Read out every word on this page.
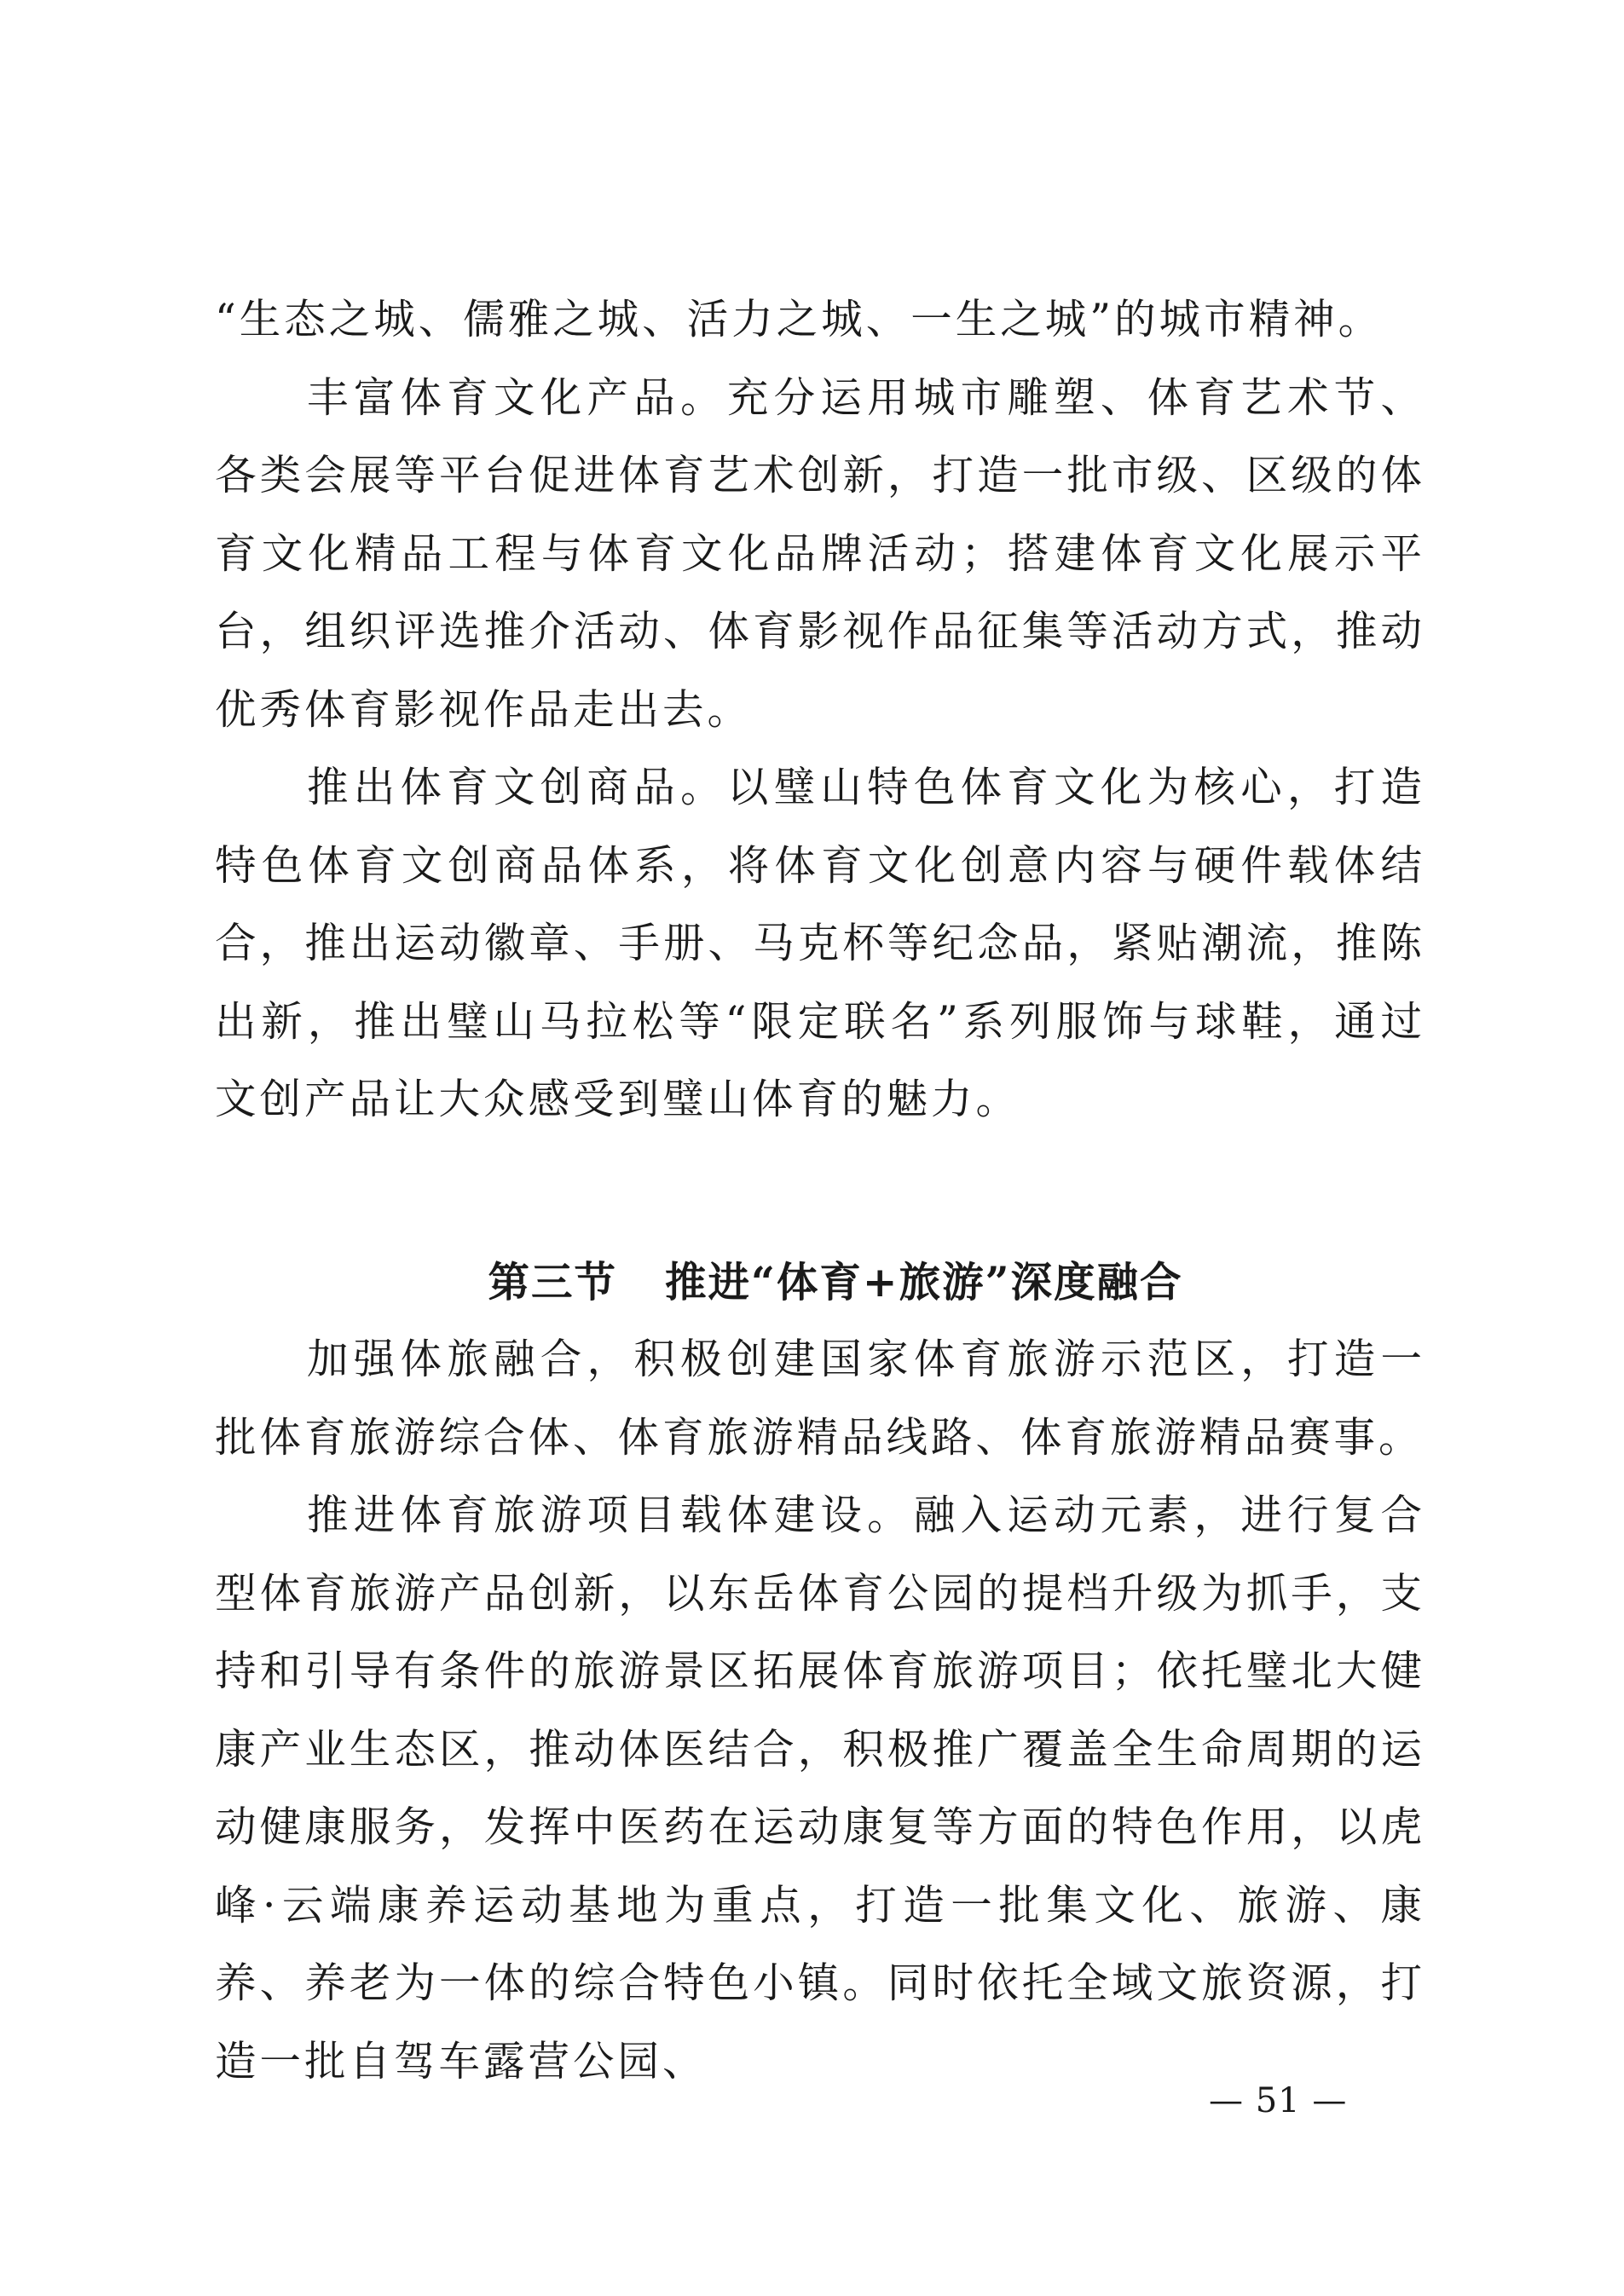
“生态之城、儒雅之城、活力之城、一生之城”的城市精神。

丰富体育文化产品。充分运用城市雕塑、体育艺术节、各类会展等平台促进体育艺术创新，打造一批市级、区级的体育文化精品工程与体育文化品牌活动；搭建体育文化展示平台，组织评选推介活动、体育影视作品征集等活动方式，推动优秀体育影视作品走出去。

推出体育文创商品。以璧山特色体育文化为核心，打造特色体育文创商品体系，将体育文化创意内容与硬件载体结合，推出运动徽章、手册、马克杯等纪念品，紧贴潮流，推陈出新，推出璧山马拉松等“限定联名”系列服饰与球鞋，通过文创产品让大众感受到璧山体育的魅力。

第三节 推进“体育+旅游”深度融合

加强体旅融合，积极创建国家体育旅游示范区，打造一批体育旅游综合体、体育旅游精品线路、体育旅游精品赛事。

推进体育旅游项目载体建设。融入运动元素，进行复合型体育旅游产品创新，以东岳体育公园的提档升级为抓手，支持和引导有条件的旅游景区拓展体育旅游项目；依托璧北大健康产业生态区，推动体医结合，积极推广覆盖全生命周期的运动健康服务，发挥中医药在运动康复等方面的特色作用，以虎峰·云端康养运动基地为重点，打造一批集文化、旅游、康养、养老为一体的综合特色小镇。同时依托全域文旅资源，打造一批自驾车露营公园、

— 51 —
